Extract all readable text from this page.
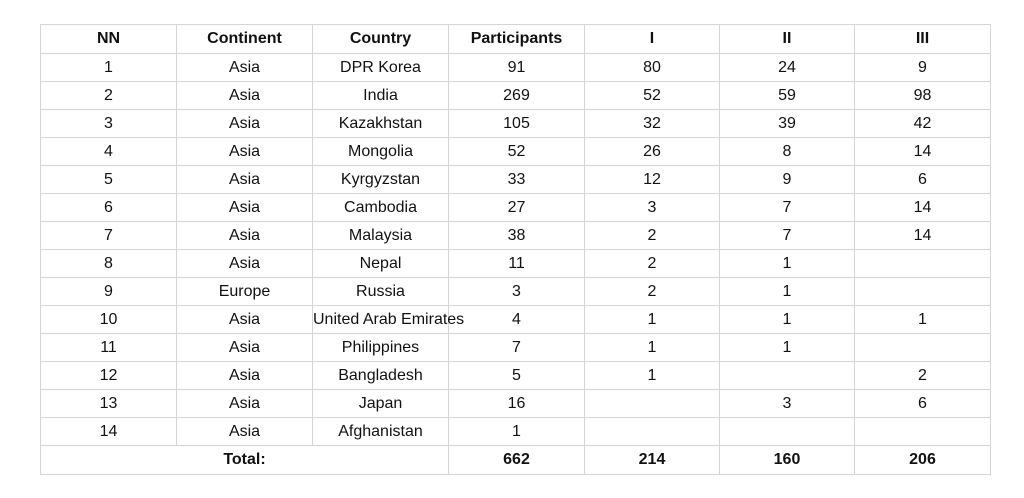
NN	Continent	Country	Participants	I	II	III
1	Asia	DPR Korea	91	80	24	9
2	Asia	India	269	52	59	98
3	Asia	Kazakhstan	105	32	39	42
4	Asia	Mongolia	52	26	8	14
5	Asia	Kyrgyzstan	33	12	9	6
6	Asia	Cambodia	27	3	7	14
7	Asia	Malaysia	38	2	7	14
8	Asia	Nepal	11	2	1	
9	Europe	Russia	3	2	1	
10	Asia	United Arab Emirates	4	1	1	1
11	Asia	Philippines	7	1	1	
12	Asia	Bangladesh	5	1		2
13	Asia	Japan	16		3	6
14	Asia	Afghanistan	1			
Total:			662	214	160	206
